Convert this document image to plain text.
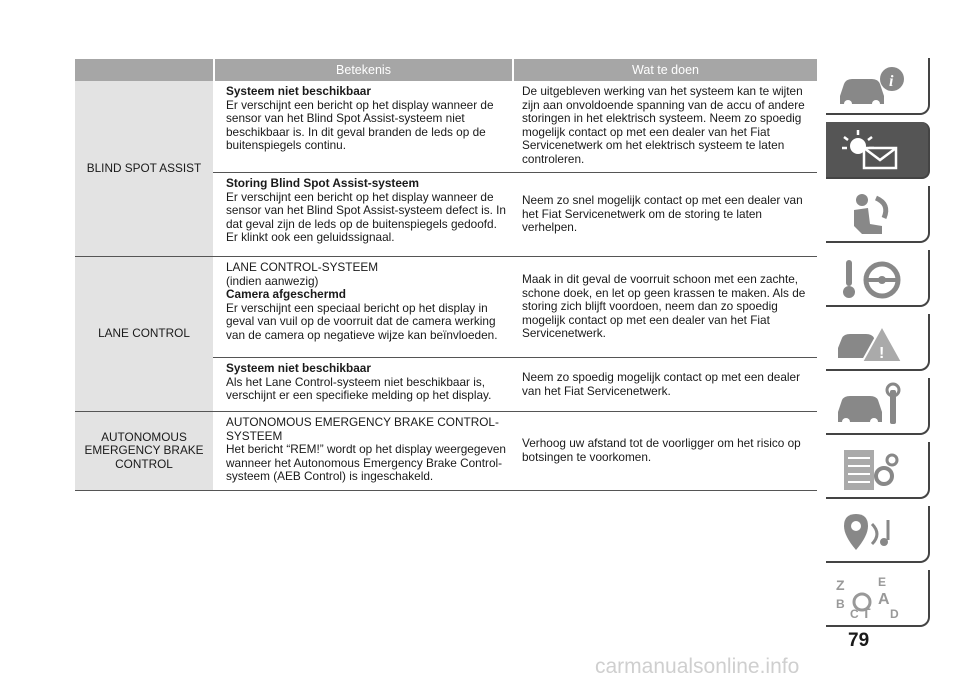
Betekenis	Wat te doen
BLIND SPOT ASSIST
Systeem niet beschikbaar
Er verschijnt een bericht op het display wanneer de sensor van het Blind Spot Assist-systeem niet beschikbaar is. In dit geval branden de leds op de buitenspiegels continu.
De uitgebleven werking van het systeem kan te wijten zijn aan onvoldoende spanning van de accu of andere storingen in het elektrisch systeem. Neem zo spoedig mogelijk contact op met een dealer van het Fiat Servicenetwerk om het elektrisch systeem te laten controleren.
Storing Blind Spot Assist-systeem
Er verschijnt een bericht op het display wanneer de sensor van het Blind Spot Assist-systeem defect is. In dat geval zijn de leds op de buitenspiegels gedoofd. Er klinkt ook een geluidssignaal.
Neem zo snel mogelijk contact op met een dealer van het Fiat Servicenetwerk om de storing te laten verhelpen.
LANE CONTROL
LANE CONTROL-SYSTEEM
(indien aanwezig)
Camera afgeschermd
Er verschijnt een speciaal bericht op het display in geval van vuil op de voorruit dat de camera werking van de camera op negatieve wijze kan beïnvloeden.
Maak in dit geval de voorruit schoon met een zachte, schone doek, en let op geen krassen te maken. Als de storing zich blijft voordoen, neem dan zo spoedig mogelijk contact op met een dealer van het Fiat Servicenetwerk.
Systeem niet beschikbaar
Als het Lane Control-systeem niet beschikbaar is, verschijnt er een specifieke melding op het display.
Neem zo spoedig mogelijk contact op met een dealer van het Fiat Servicenetwerk.
AUTONOMOUS EMERGENCY BRAKE CONTROL
AUTONOMOUS EMERGENCY BRAKE CONTROL-SYSTEEM
Het bericht “REM!” wordt op het display weergegeven wanneer het Autonomous Emergency Brake Control-systeem (AEB Control) is ingeschakeld.
Verhoog uw afstand tot de voorligger om het risico op botsingen te voorkomen.
i
!
Z	E
A
B
C T D
79
carmanualsonline.info
